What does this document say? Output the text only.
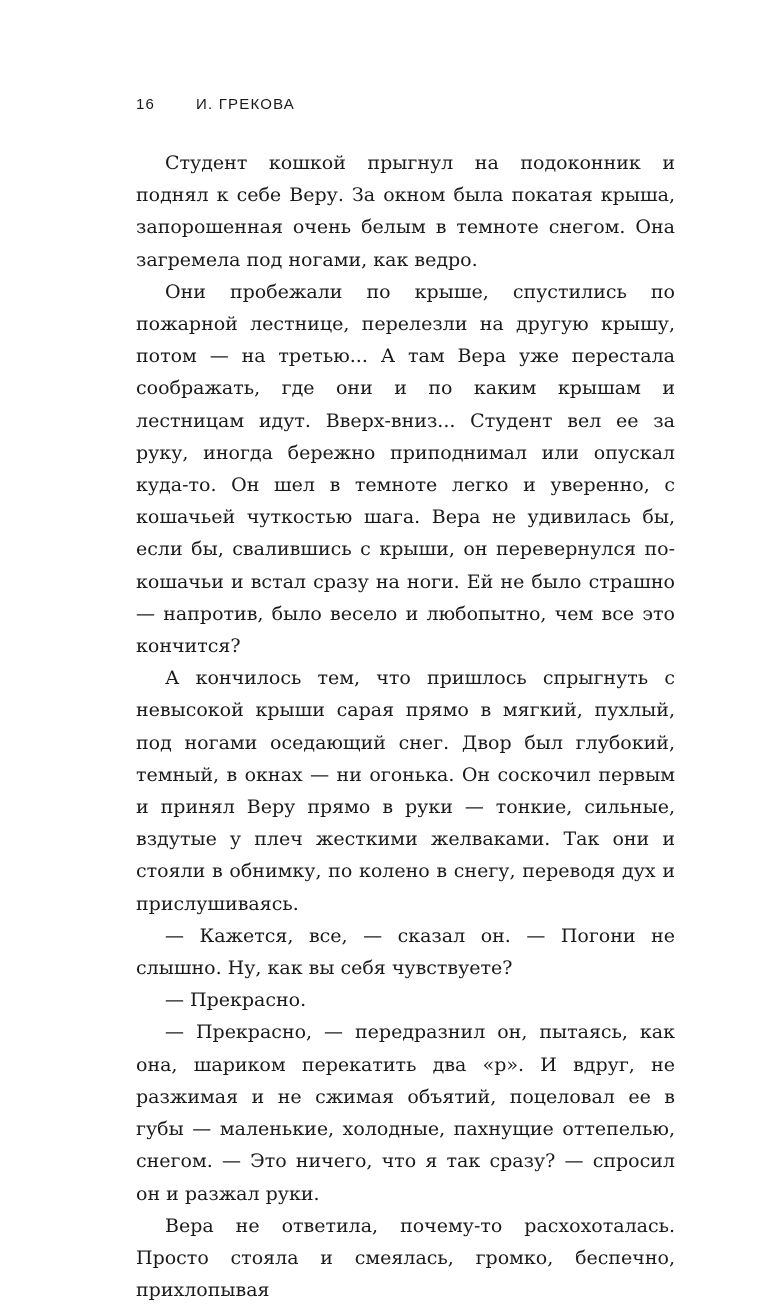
16	И. ГРЕКОВА

Студент кошкой прыгнул на подоконник и поднял к себе Веру. За окном была покатая крыша, запорошенная очень белым в темноте снегом. Она загремела под ногами, как ведро.

Они пробежали по крыше, спустились по пожарной лестнице, перелезли на другую крышу, потом — на третью... А там Вера уже перестала соображать, где они и по каким крышам и лестницам идут. Вверх-вниз... Студент вел ее за руку, иногда бережно приподнимал или опускал куда-то. Он шел в темноте легко и уверенно, с кошачьей чуткостью шага. Вера не удивилась бы, если бы, свалившись с крыши, он перевернулся по-кошачьи и встал сразу на ноги. Ей не было страшно — напротив, было весело и любопытно, чем все это кончится?

А кончилось тем, что пришлось спрыгнуть с невысокой крыши сарая прямо в мягкий, пухлый, под ногами оседающий снег. Двор был глубокий, темный, в окнах — ни огонька. Он соскочил первым и принял Веру прямо в руки — тонкие, сильные, вздутые у плеч жесткими желваками. Так они и стояли в обнимку, по колено в снегу, переводя дух и прислушиваясь.

— Кажется, все, — сказал он. — Погони не слышно. Ну, как вы себя чувствуете?

— Прекрасно.

— Прекрасно, — передразнил он, пытаясь, как она, шариком перекатить два «р». И вдруг, не разжимая и не сжимая объятий, поцеловал ее в губы — маленькие, холодные, пахнущие оттепелью, снегом. — Это ничего, что я так сразу? — спросил он и разжал руки.

Вера не ответила, почему-то расхохоталась. Просто стояла и смеялась, громко, беспечно, прихлопывая
